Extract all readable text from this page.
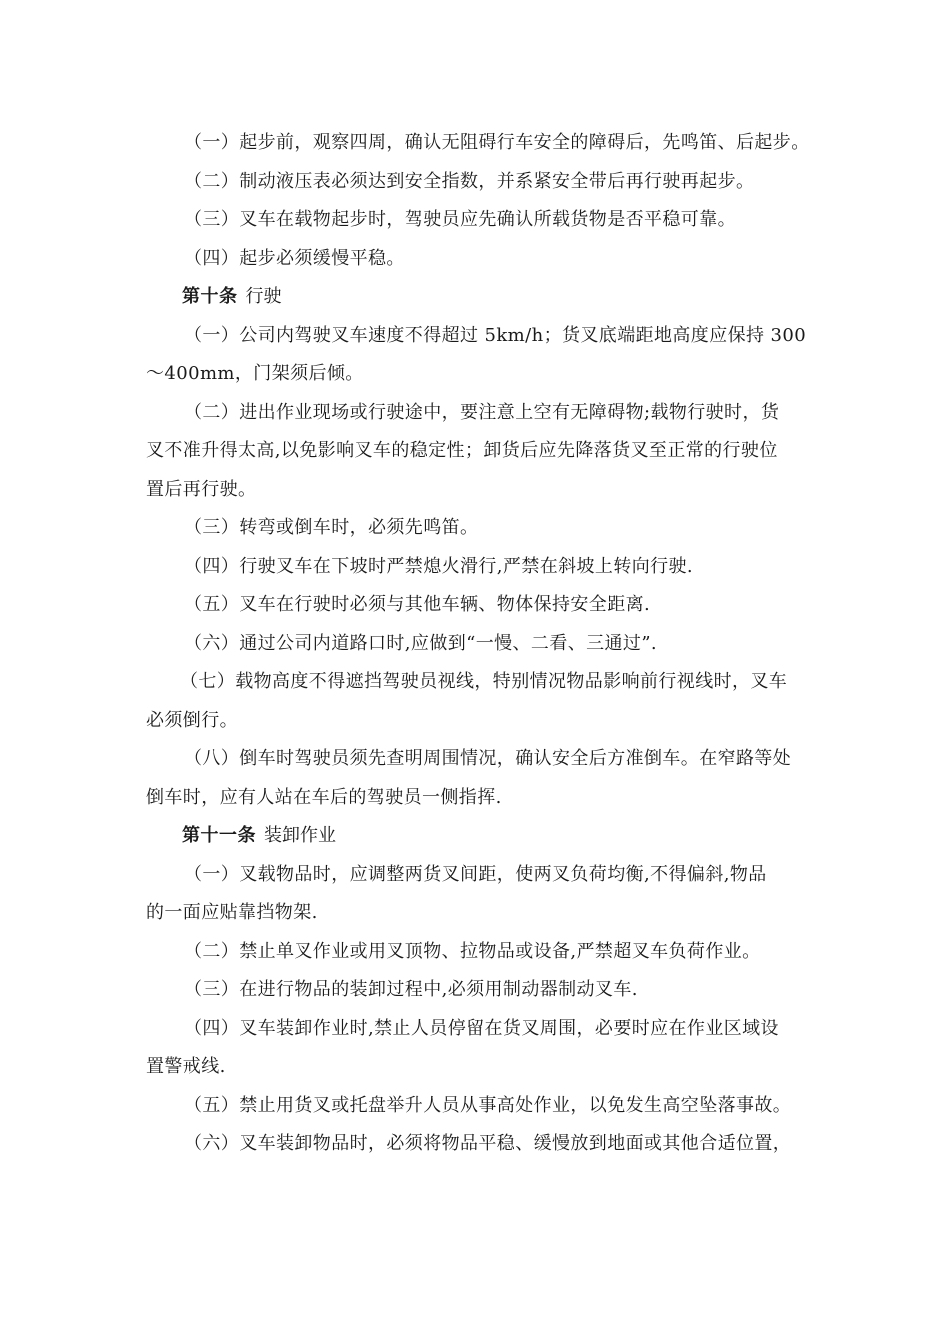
（一）起步前，观察四周，确认无阻碍行车安全的障碍后，先鸣笛、后起步。
（二）制动液压表必须达到安全指数，并系紧安全带后再行驶再起步。
（三）叉车在载物起步时，驾驶员应先确认所载货物是否平稳可靠。
（四）起步必须缓慢平稳。
第十条 行驶
（一）公司内驾驶叉车速度不得超过 5km/h；货叉底端距地高度应保持 300
～400mm，门架须后倾。
（二）进出作业现场或行驶途中，要注意上空有无障碍物;载物行驶时，货
叉不准升得太高,以免影响叉车的稳定性；卸货后应先降落货叉至正常的行驶位
置后再行驶。
（三）转弯或倒车时，必须先鸣笛。
（四）行驶叉车在下坡时严禁熄火滑行,严禁在斜坡上转向行驶.
（五）叉车在行驶时必须与其他车辆、物体保持安全距离.
（六）通过公司内道路口时,应做到“一慢、二看、三通过”.
（七）载物高度不得遮挡驾驶员视线，特别情况物品影响前行视线时，叉车
必须倒行。
（八）倒车时驾驶员须先查明周围情况，确认安全后方准倒车。在窄路等处
倒车时，应有人站在车后的驾驶员一侧指挥.
第十一条 装卸作业
（一）叉载物品时，应调整两货叉间距，使两叉负荷均衡,不得偏斜,物品
的一面应贴靠挡物架.
（二）禁止单叉作业或用叉顶物、拉物品或设备,严禁超叉车负荷作业。
（三）在进行物品的装卸过程中,必须用制动器制动叉车.
（四）叉车装卸作业时,禁止人员停留在货叉周围，必要时应在作业区域设
置警戒线.
（五）禁止用货叉或托盘举升人员从事高处作业，以免发生高空坠落事故。
（六）叉车装卸物品时，必须将物品平稳、缓慢放到地面或其他合适位置，
